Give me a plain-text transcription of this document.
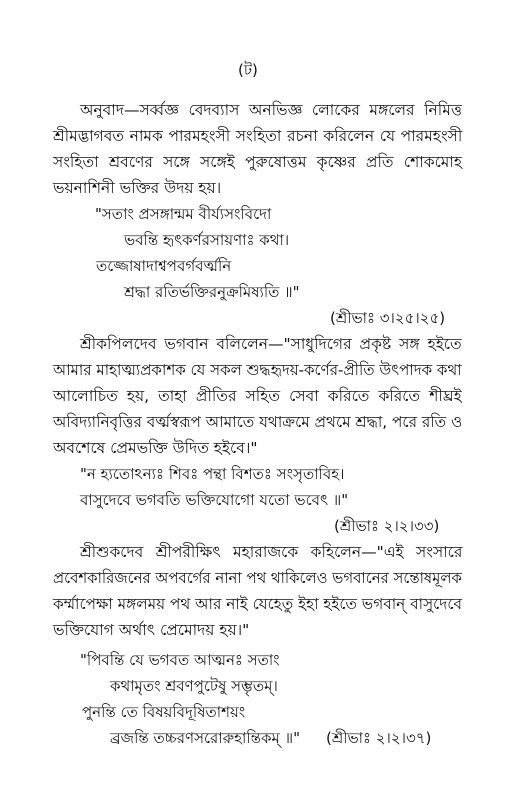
(ট)
অনুবাদ—সর্ব্বজ্ঞ বেদব্যাস অনভিজ্ঞ লোকের মঙ্গলের নিমিত্ত
শ্রীমদ্ভাগবত নামক পারমহংসী সংহিতা রচনা করিলেন যে পারমহংসী
সংহিতা শ্রবণের সঙ্গে সঙ্গেই পুরুষোত্তম কৃষ্ণের প্রতি শোকমোহ
ভয়নাশিনী ভক্তির উদয় হয়।
"সতাং প্রসঙ্গান্মম বীর্য্যসংবিদো
ভবন্তি হৃৎকর্ণরসায়ণাঃ কথা।
তজ্জোষাদাশ্বপবর্গবর্ত্মনি
শ্রদ্ধা রতির্ভক্তিরনুক্রমিষ্যতি ॥"
(শ্রীভাঃ ৩।২৫।২৫)
শ্রীকপিলদেব ভগবান বলিলেন—"সাধুদিগের প্রকৃষ্ট সঙ্গ হইতে
আমার মাহাত্ম্যপ্রকাশক যে সকল শুদ্ধহৃদয়-কর্ণের-প্রীতি উৎপাদক কথা
আলোচিত হয়, তাহা প্রীতির সহিত সেবা করিতে করিতে শীঘ্রই
অবিদ্যানিবৃত্তির বর্ত্মস্বরূপ আমাতে যথাক্রমে প্রথমে শ্রদ্ধা, পরে রতি ও
অবশেষে প্রেমভক্তি উদিত হইবে।"
"ন হ্যতোঽন্যঃ শিবঃ পন্থা বিশতঃ সংসৃতাবিহ।
বাসুদেবে ভগবতি ভক্তিযোগো যতো ভবেৎ ॥"
(শ্রীভাঃ ২।২।৩৩)
শ্রীশুকদেব শ্রীপরীক্ষিৎ মহারাজকে কহিলেন—"এই সংসারে
প্রবেশকারিজনের অপবর্গের নানা পথ থাকিলেও ভগবানের সন্তোষমূলক
কর্ম্মাপেক্ষা মঙ্গলময় পথ আর নাই যেহেতু ইহা হইতে ভগবান্ বাসুদেবে
ভক্তিযোগ অর্থাৎ প্রেমোদয় হয়।"
"পিবন্তি যে ভগবত আত্মনঃ সতাং
কথামৃতং শ্রবণপুটেষু সম্ভৃতম্।
পুনন্তি তে বিষয়বিদূষিতাশয়ং
ব্রজন্তি তচ্চরণসরোরুহান্তিকম্ ॥" (শ্রীভাঃ ২।২।৩৭)
